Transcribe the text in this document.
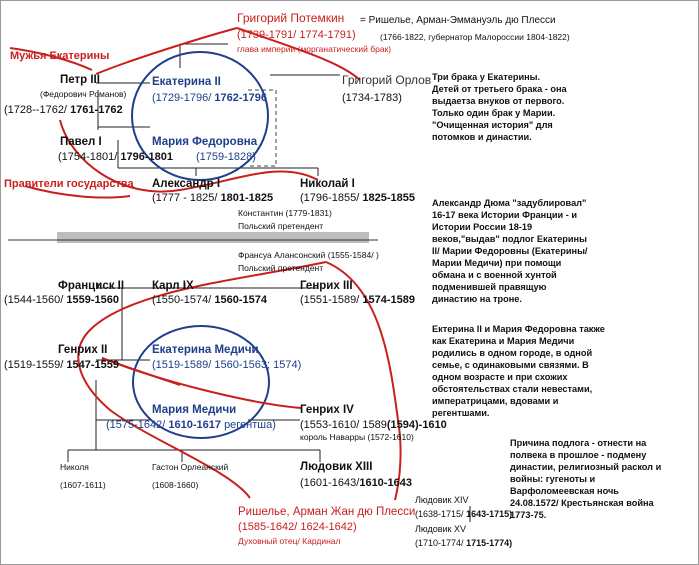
Григорий Потемкин
(1739-1791/ 1774-1791)
глава империи (морганатический брак)
= Ришелье, Арман-Эммануэль дю Плесси
(1766-1822, губернатор Малороссии 1804-1822)
Мужья Екатерины
Петр III
(Федорович Романов)
(1728--1762/ 1761-1762
Екатерина II
(1729-1796/ 1762-1796
Григорий Орлов
(1734-1783)
Павел I
(1754-1801/ 1796-1801
Мария Федоровна
(1759-1828)
Правители государства Александр I
(1777 - 1825/ 1801-1825
Николай I
(1796-1855/ 1825-1855
Константин (1779-1831)
Польский претендент
Франсуа Алансонский (1555-1584/ )
Польский претендент
Франциск II
(1544-1560/ 1559-1560
Карл IX
(1550-1574/ 1560-1574
Генрих III
(1551-1589/ 1574-1589
Генрих II
(1519-1559/ 1547-1559
Екатерина Медичи
(1519-1589/ 1560-1563; 1574)
Мария Медичи
(1575-1642/ 1610-1617 регентша)
Генрих IV
(1553-1610/ 1589(1594)-1610
король Наварры (1572-1610)
Николя
(1607-1611)
Гастон Орлеанский
(1608-1660)
Людовик XIII
(1601-1643/1610-1643
Людовик XIV
(1638-1715/ 1643-1715)
Людовик XV
(1710-1774/ 1715-1774)
Ришелье, Арман Жан дю Плесси
(1585-1642/ 1624-1642)
Духовный отец/ Кардинал
Три брака у Екатерины. Детей от третьего брака - она выдаетза внуков от первого. Только один брак у Марии. "Очищенная история" для потомков и династии.
Александр Дюма "задублировал" 16-17 века Истории Франции - и Истории России 18-19 веков,"выдав" подлог Екатерины II/ Марии Федоровны (Екатерины/ Марии Медичи) при помощи обмана и с военной хунтой подменившей правящую династию на троне.
Ектерина II и Мария Федоровна также как Екатерина и Мария Медичи родились в одном городе, в одной семье, с одинаковыми связями. В одном возрасте и при схожих обстоятельствах стали невестами, императрицами, вдовами и регентшами.
Причина подлога - отнести на полвека в прошлое - подмену династии, религиозный раскол и войны: гугеноты и Варфоломеевская ночь 24.08.1572/ Крестьянская война 1773-75.
